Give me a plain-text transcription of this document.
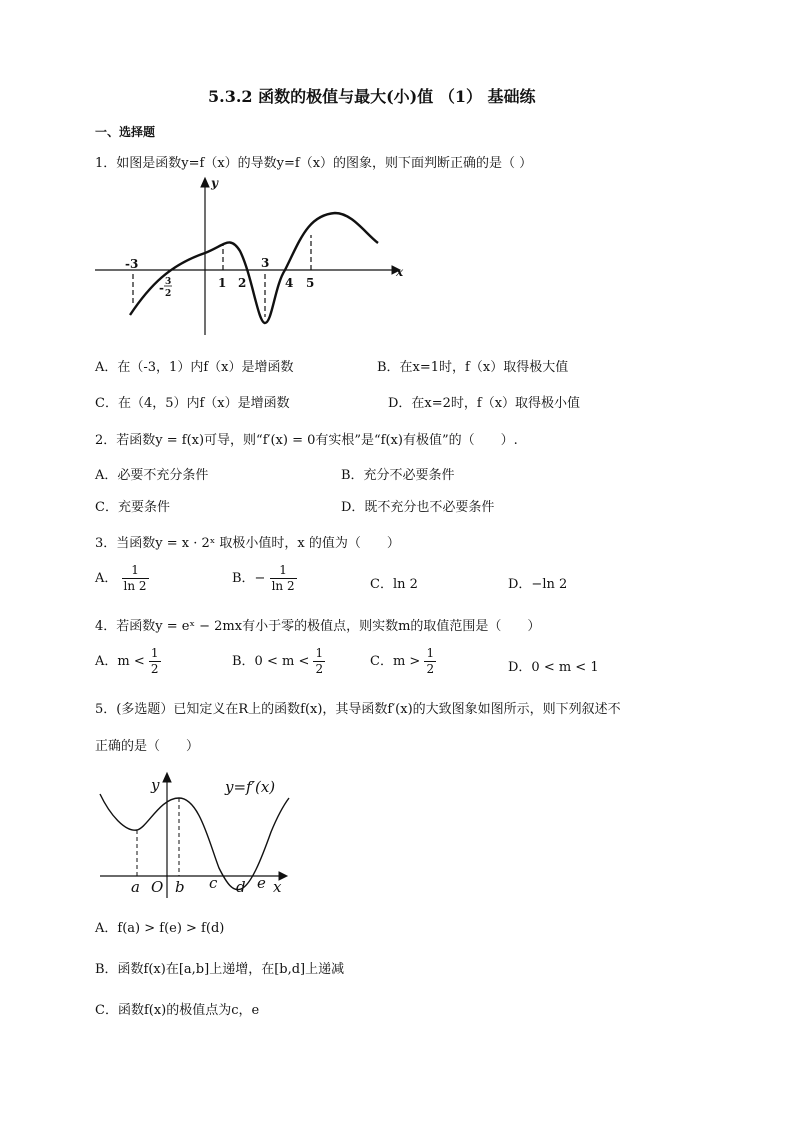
5.3.2 函数的极值与最大(小)值 （1） 基础练
一、选择题
1．如图是函数y=f（x）的导数y=f（x）的图象，则下面判断正确的是（ ）
y
x
-3
- 3
2
1 2
3
4 5
A．在（-3，1）内f（x）是增函数	B．在x=1时，f（x）取得极大值
C．在（4，5）内f（x）是增函数	D．在x=2时，f（x）取得极小值
2．若函数y = f(x)可导，则“f′(x) = 0有实根”是“f(x)有极值”的（　　）.
A．必要不充分条件	B．充分不必要条件
C．充要条件	D．既不充分也不必要条件
3．当函数y = x · 2ˣ 取极小值时，x 的值为（　　）
A． $\frac{1}{\ln 2}$	B．− $\frac{1}{\ln 2}$	C．ln 2	D．−ln 2
4．若函数y = eˣ − 2mx有小于零的极值点，则实数m的取值范围是（　　）
A．$m < \frac{1}{2}$	B．$0 < m < \frac{1}{2}$	C．$m > \frac{1}{2}$	D．0 < m < 1
5．(多选题）已知定义在R上的函数f(x)，其导函数f′(x)的大致图象如图所示，则下列叙述不
正确的是（　　）
y	y=f′(x)
a O b c d e x
A．f(a) > f(e) > f(d)
B．函数f(x)在[a,b]上递增，在[b,d]上递减
C．函数f(x)的极值点为c，e
